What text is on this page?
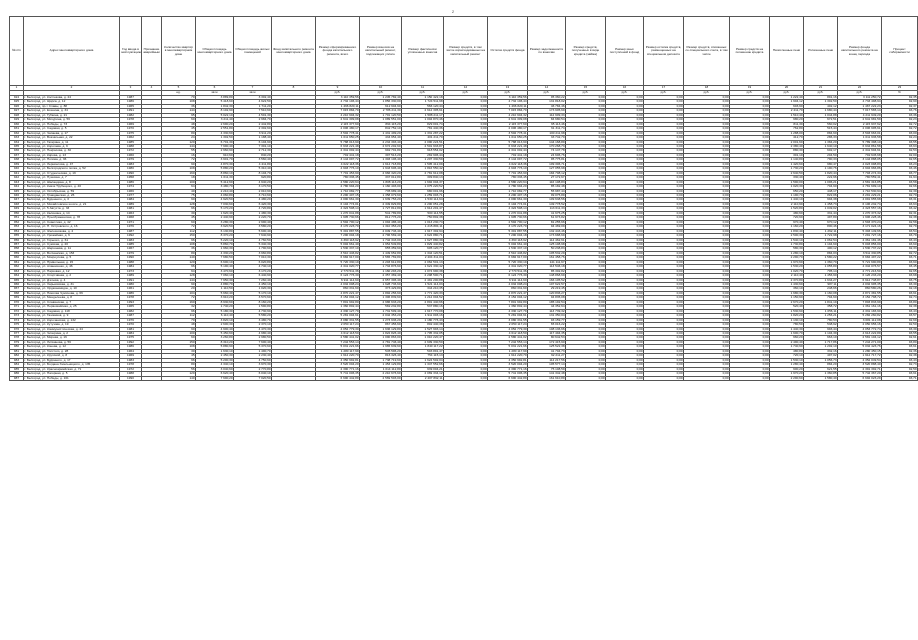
2
№ п/п	Адрес многоквартирного дома	Год ввода в эксплуатацию	Признание аварийным	Количество квартир в многоквартирном доме	Общая площадь многоквартирного дома	Общая площадь жилых помещений	Фонд капитального ремонта многоквартирного дома	Размер сформированного фонда капитального ремонта, всего	Размер взносов на капитальный ремонт, подлежащих уплате	Размер фактически уплаченных взносов	Размер средств, в том числе израсходованных на капитальный ремонт	Остаток средств фонда	Размер задолженности по взносам	Размер средств, полученных в виде кредита (займа)	Размер иных поступлений в фонд	Размер остатка средств, размещенных на специальном депозите	Размер средств, списанных со специального счета, в том числе	Размер средств на погашение кредита	Начисленные пени	Уплаченные пени	Размер фонда капитального ремонта на конец периода	Процент собираемости
1	2	3	4	5	6	7	8	9	10	11	12	13	14	15	16	17	18	19	20	21	22	23
				ед.	кв.м	кв.м		руб.	руб.	руб.	руб.	руб.	руб.	руб.	руб.	руб.	руб.	руб.	руб.	руб.	руб.	%
924	г. Белгород, ул. Костюкова, д. 24	1987		70	3 889,80	3 302,40		3 110 359,56	1 245 782,40	1 150 422,18	0,00	3 110 359,56	95 360,22	0,00	0,00	0,00	0,00	0,00	1 222,40	891,16	3 111 250,72	92,35
925	г. Белгород, ул. Щорса, д. 12	1986		108	5 418,60	4 922,50		4 732 196,44	1 856 330,00	1 724 511,98	0,00	4 732 196,44	131 818,02	0,00	0,00	0,00	0,00	0,00	1 904,12	1 302,50	4 733 498,94	92,90
926	г. Белгород, пр-т Славы, д. 88	1965		36	1 842,30	1 711,20		1 466 820,11	612 904,90	566 120,44	0,00	1 466 820,11	46 784,46	0,00	0,00	0,00	0,00	0,00	603,90	402,12	1 467 222,23	92,37
927	г. Белгород, ул. Есенина, д. 34	1991		144	8 102,90	7 510,60		7 015 884,70	2 786 211,30	2 612 305,61	0,00	7 015 884,70	173 905,69	0,00	0,00	0,00	0,00	0,00	2 411,70	1 680,44	7 017 565,14	93,76
928	г. Белгород, ул. Губкина, д. 21	1982		95	5 022,10	4 501,30		4 210 904,32	1 701 120,50	1 588 211,17	0,00	4 210 904,32	112 909,33	0,00	0,00	0,00	0,00	0,00	1 510,40	1 044,88	4 211 949,20	93,36
929	г. Белгород, ул. Мичурина, д. 56	1978		60	3 211,40	2 984,70		2 641 309,08	1 089 551,00	1 004 870,46	0,00	2 641 309,08	84 680,54	0,00	0,00	0,00	0,00	0,00	980,20	672,51	2 641 981,59	92,23
930	г. Белгород, ул. Победы, д. 73	1969		48	2 690,20	2 442,80		2 115 377,60	894 115,20	829 001,74	0,00	2 115 377,60	65 113,46	0,00	0,00	0,00	0,00	0,00	811,30	560,02	2 115 937,62	92,72
931	г. Белгород, ул. Садовая, д. 5	1970		45	2 551,80	2 302,60		2 006 480,17	842 752,10	781 440,36	0,00	2 006 480,17	61 311,74	0,00	0,00	0,00	0,00	0,00	762,80	515,44	2 006 995,61	92,72
932	г. Белгород, ул. Чапаева, д. 17	1975		80	4 330,60	3 911,20		3 502 778,41	1 431 499,20	1 331 287,22	0,00	3 502 778,41	100 211,98	0,00	0,00	0,00	0,00	0,00	1 288,00	884,60	3 503 663,01	93,00
933	г. Белгород, ул. Вокзальная, д. 22	1962		24	1 302,50	1 188,40		1 011 650,25	434 954,40	401 211,70	0,00	1 011 650,25	33 742,70	0,00	0,00	0,00	0,00	0,00	412,70	286,33	1 011 936,58	92,24
934	г. Белгород, ул. Гагарина, д. 11	1985		120	6 701,30	6 104,90		5 788 013,90	2 234 393,40	2 090 224,51	0,00	5 788 013,90	144 168,89	0,00	0,00	0,00	0,00	0,00	2 001,60	1 384,20	5 789 398,10	93,55
935	г. Белгород, ул. Королева, д. 9	1988		144	7 990,40	7 301,10		6 933 221,48	2 672 202,60	2 501 933,87	0,00	6 933 221,48	170 268,73	0,00	0,00	0,00	0,00	0,00	2 380,40	1 640,10	6 934 861,58	93,63
936	г. Белгород, ул. Некрасова, д. 30	1972		55	2 960,90	2 712,30		2 341 002,44	992 701,80	918 554,02	0,00	2 341 002,44	74 147,78	0,00	0,00	0,00	0,00	0,00	880,30	602,17	2 341 604,61	92,53
937	г. Белгород, ул. Кирова, д. 13	1960		16	910,60	840,20		702 441,18	307 513,20	282 906,44	0,00	702 441,18	24 606,76	0,00	0,00	0,00	0,00	0,00	301,10	204,50	702 645,68	92,00
938	г. Белгород, ул. Попова, д. 36	1979		72	3 901,70	3 560,40		3 144 097,72	1 303 106,40	1 207 330,59	0,00	3 144 097,72	95 775,81	0,00	0,00	0,00	0,00	0,00	1 140,80	790,33	3 144 888,05	92,65
939	г. Белгород, ул. Лермонтова, д. 47	1983		90	4 870,30	4 411,80		4 022 118,36	1 614 718,80	1 505 412,09	0,00	4 022 118,36	109 306,71	0,00	0,00	0,00	0,00	0,00	1 420,60	980,47	4 023 098,83	93,23
940	г. Белгород, ул. Белгородского полка, д. 52	1980		108	5 880,20	5 310,40		4 903 776,10	1 943 606,40	1 816 550,42	0,00	4 903 776,10	127 055,98	0,00	0,00	0,00	0,00	0,00	1 730,20	1 190,76	4 904 966,86	93,46
941	г. Белгород, ул. Студенческая, д. 19	1990		160	8 860,10	8 104,70		7 701 453,90	2 966 320,20	2 781 612,08	0,00	7 701 453,90	184 708,12	0,00	0,00	0,00	0,00	0,00	2 640,50	1 820,44	7 703 274,34	93,77
942	г. Белгород, ул. Пушкина, д. 7	1958		18	1 011,30	920,80		780 336,45	337 012,80	309 840,13	0,00	780 336,45	27 172,67	0,00	0,00	0,00	0,00	0,00	330,40	222,96	780 559,41	91,94
943	г. Белгород, ул. Шаландина, д. 8	1986		100	5 412,60	4 940,20		4 580 220,64	1 808 113,20	1 692 004,37	0,00	4 580 220,64	116 108,83	0,00	0,00	0,00	0,00	0,00	1 590,00	1 096,21	4 581 316,85	93,58
944	г. Белгород, ул. Князя Трубецкого, д. 40	1974		64	3 480,70	3 170,50		2 780 994,20	1 160 403,00	1 075 220,52	0,00	2 780 994,20	85 182,48	0,00	0,00	0,00	0,00	0,00	1 020,30	704,90	2 781 699,10	92,66
945	г. Белгород, ул. Октябрьская, д. 59	1966		40	2 210,40	2 010,90		1 710 082,77	735 989,40	680 001,96	0,00	1 710 082,77	55 987,44	0,00	0,00	0,00	0,00	0,00	650,20	448,17	1 710 530,94	92,39
946	г. Белгород, ул. Гражданская, д. 26	1977		75	4 060,80	3 710,60		3 290 407,15	1 358 079,60	1 259 003,71	0,00	3 290 407,15	99 075,89	0,00	0,00	0,00	0,00	0,00	1 190,70	822,06	3 291 229,21	92,70
947	г. Белгород, ул. Буденного, д. 3	1984		90	4 920,50	4 480,20		4 090 661,30	1 639 753,20	1 530 114,64	0,00	4 090 661,30	109 638,56	0,00	0,00	0,00	0,00	0,00	1 440,10	994,38	4 091 655,68	93,31
948	г. Белгород, ул. Михайловское шоссе, д. 21	1989		128	7 030,60	6 420,30		6 104 774,01	2 349 829,80	2 200 051,28	0,00	6 104 774,01	149 778,52	0,00	0,00	0,00	0,00	0,00	2 110,90	1 458,73	6 106 232,74	93,63
949	г. Белгород, ул. 5 Августа, д. 33	1981		96	5 170,20	4 720,80		4 322 508,14	1 727 812,80	1 614 201,47	0,00	4 322 508,14	113 611,33	0,00	0,00	0,00	0,00	0,00	1 520,80	1 049,02	4 323 557,16	93,42
950	г. Белгород, ул. Калинина, д. 14	1963		30	1 620,40	1 480,30		1 270 041,88	541 789,80	500 114,55	0,00	1 270 041,88	41 675,25	0,00	0,00	0,00	0,00	0,00	480,60	331,44	1 270 373,32	92,31
951	г. Белгород, ул. Преображенская, д. 78	1968		45	2 440,90	2 220,70		1 905 730,66	812 776,20	750 802,38	0,00	1 905 730,66	61 973,82	0,00	0,00	0,00	0,00	0,00	720,90	497,80	1 906 228,46	92,38
952	г. Белгород, ул. Советская, д. 42	1971		60	3 280,30	2 990,40		2 592 700,12	1 094 486,40	1 013 230,74	0,00	2 592 700,12	81 255,66	0,00	0,00	0,00	0,00	0,00	970,40	670,12	2 593 370,24	92,58
953	г. Белгород, ул. Н. Островского, д. 16	1976		72	3 920,50	3 580,20		3 170 223,70	1 310 353,20	1 215 884,11	0,00	3 170 223,70	94 469,09	0,00	0,00	0,00	0,00	0,00	1 160,20	800,46	3 171 024,16	92,79
954	г. Белгород, ул. Железнякова, д. 4	1987		112	6 130,80	5 600,40		5 301 887,55	2 049 746,40	1 917 302,94	0,00	5 301 887,55	132 443,46	0,00	0,00	0,00	0,00	0,00	1 830,40	1 262,11	5 303 149,66	93,54
955	г. Белгород, ул. Урожайная, д. 6	1992		150	8 370,20	7 640,90		7 290 004,18	2 796 569,40	2 622 880,71	0,00	7 290 004,18	173 688,69	0,00	0,00	0,00	0,00	0,00	2 500,30	1 722,98	7 291 727,16	93,79
956	г. Белгород, ул. Горького, д. 61	1983		96	5 220,10	4 760,50		4 360 118,92	1 742 343,00	1 627 880,39	0,00	4 360 118,92	114 462,61	0,00	0,00	0,00	0,00	0,00	1 540,10	1 062,54	4 361 181,46	93,43
957	г. Белгород, ул. Сумская, д. 20	1985		108	5 860,70	5 340,30		5 002 661,40	1 954 549,80	1 829 440,82	0,00	5 002 661,40	125 108,98	0,00	0,00	0,00	0,00	0,00	1 730,80	1 194,60	5 003 856,00	93,60
958	г. Белгород, ул. Шершнева, д. 11	1967		36	1 960,30	1 790,60		1 530 337,10	655 359,60	605 120,77	0,00	1 530 337,10	50 238,83	0,00	0,00	0,00	0,00	0,00	580,30	400,12	1 530 737,22	92,33
959	г. Белгород, ул. Волчанская, д. 153	1979		80	4 330,20	3 960,80		3 510 446,82	1 449 652,80	1 344 120,51	0,00	3 510 446,82	105 532,29	0,00	0,00	0,00	0,00	0,00	1 280,10	884,03	3 511 330,85	92,72
960	г. Белгород, ул. Мокроусова, д. 5	1990		140	7 680,50	7 010,30		6 682 917,00	2 565 769,80	2 404 311,04	0,00	6 682 917,00	161 458,76	0,00	0,00	0,00	0,00	0,00	2 290,70	1 580,22	6 684 497,22	93,71
961	г. Белгород, ул. Привольная, д. 15	1988		120	6 600,10	6 020,80		5 720 330,19	2 203 612,80	2 062 501,13	0,00	5 720 330,19	141 111,67	0,00	0,00	0,00	0,00	0,00	1 970,60	1 360,70	5 721 690,89	93,60
962	г. Белгород, ул. Апанасенко, д. 46	1984		96	5 190,40	4 740,10		4 341 020,77	1 734 876,60	1 621 330,42	0,00	4 341 020,77	113 546,18	0,00	0,00	0,00	0,00	0,00	1 530,20	1 055,80	4 342 076,57	93,45
963	г. Белгород, ул. Парковая, д. 12	1973		64	3 470,60	3 170,20		2 770 511,36	1 160 293,20	1 074 990,38	0,00	2 770 511,36	85 302,82	0,00	0,00	0,00	0,00	0,00	1 020,70	705,14	2 771 216,50	92,65
964	г. Белгород, ул. Спортивная, д. 2	1989		128	7 060,10	6 440,90		6 124 776,30	2 357 369,40	2 208 500,71	0,00	6 124 776,30	148 868,69	0,00	0,00	0,00	0,00	0,00	2 110,40	1 456,90	6 126 233,20	93,68
965	г. Белгород, ул. Дзгоева, д. 4	1991		144	7 950,30	7 260,40		6 911 114,60	2 657 306,40	2 491 200,88	0,00	6 911 114,60	166 105,52	0,00	0,00	0,00	0,00	0,00	2 370,80	1 634,27	6 912 748,87	93,75
966	г. Белгород, ул. Харьковская, д. 31	1980		90	4 880,70	4 450,10		4 032 008,24	1 628 736,60	1 521 114,03	0,00	4 032 008,24	107 622,57	0,00	0,00	0,00	0,00	0,00	1 430,60	987,11	4 032 995,35	93,39
967	г. Белгород, ул. Орджоникидзе, д. 10	1961		20	1 110,50	1 020,30		860 331,60	373 429,80	344 210,35	0,00	860 331,60	29 219,45	0,00	0,00	0,00	0,00	0,00	360,10	248,66	860 580,26	92,18
968	г. Белгород, ул. Николая Чумичова, д. 66	1986		104	5 660,40	5 170,10		4 870 221,47	1 892 256,60	1 771 420,33	0,00	4 870 221,47	120 836,27	0,00	0,00	0,00	0,00	0,00	1 680,30	1 160,08	4 871 381,55	93,61
969	г. Белгород, ул. Менделеева, д. 8	1978		72	3 910,20	3 570,60		3 152 004,12	1 306 839,60	1 212 004,52	0,00	3 152 004,12	94 835,08	0,00	0,00	0,00	0,00	0,00	1 150,90	794,60	3 152 798,72	92,74
970	г. Белгород, ул. Славянская, д. 7	1993		160	8 930,60	8 160,20		7 801 992,80	2 986 633,20	2 801 440,66	0,00	7 801 992,80	185 192,54	0,00	0,00	0,00	0,00	0,00	2 670,20	1 841,19	7 803 833,99	93,80
971	г. Белгород, ул. Первомайская, д. 25	1965		32	1 740,20	1 590,80		1 360 802,44	582 232,80	537 880,16	0,00	1 360 802,44	44 352,64	0,00	0,00	0,00	0,00	0,00	520,40	358,72	1 361 161,16	92,38
972	г. Белгород, ул. Садовая, д. 118	1982		96	5 180,30	4 730,90		4 330 127,79	1 731 509,40	1 617 770,08	0,00	4 330 127,79	113 739,32	0,00	0,00	0,00	0,00	0,00	1 530,60	1 056,11	4 331 183,90	93,43
973	г. Белгород, ул. Газовиков, д. 9	1987		112	6 110,40	5 580,20		5 281 004,61	2 042 353,20	1 911 003,16	0,00	5 281 004,61	131 350,04	0,00	0,00	0,00	0,00	0,00	1 820,20	1 256,21	5 282 260,82	93,57
974	г. Белгород, ул. Корочанская, д. 132	1976		70	3 820,10	3 480,70		3 080 331,55	1 273 936,20	1 180 776,43	0,00	3 080 331,55	93 159,77	0,00	0,00	0,00	0,00	0,00	1 130,10	780,53	3 081 112,08	92,69
975	г. Белгород, ул. Кутузова, д. 19	1970		48	2 600,30	2 370,10		2 050 117,24	867 456,60	802 440,38	0,00	2 050 117,24	65 016,22	0,00	0,00	0,00	0,00	0,00	780,50	538,92	2 050 656,16	92,50
976	г. Белгород, ул. Коммунистическая, д. 44	1981		90	4 900,40	4 470,30		4 052 779,30	1 636 129,80	1 527 993,14	0,00	4 052 779,30	108 136,66	0,00	0,00	0,00	0,00	0,00	1 440,30	993,44	4 053 772,74	93,39
977	г. Белгород, ул. Чичерина, д. 2	1984		100	5 450,60	4 980,40		4 612 118,50	1 822 826,40	1 705 332,05	0,00	4 612 118,50	117 494,35	0,00	0,00	0,00	0,00	0,00	1 600,70	1 104,39	4 613 222,89	93,55
978	г. Белгород, ул. Мирная, д. 16	1975		60	3 260,80	2 980,50		2 580 441,02	1 090 863,00	1 010 220,47	0,00	2 580 441,02	80 642,53	0,00	0,00	0,00	0,00	0,00	960,20	663,10	2 581 104,12	92,61
979	г. Белгород, ул. Литвинова, д. 56	1992		150	8 310,20	7 600,40		7 242 553,14	2 781 746,40	2 609 330,50	0,00	7 242 553,14	172 415,90	0,00	0,00	0,00	0,00	0,00	2 490,40	1 717,86	7 244 271,00	93,80
980	г. Белгород, ул. Конева, д. 12	1986		108	5 880,90	5 370,60		5 031 221,66	1 965 639,60	1 840 117,22	0,00	5 031 221,66	125 522,38	0,00	0,00	0,00	0,00	0,00	1 740,90	1 202,10	5 032 423,76	93,61
981	г. Белгород, ул. Толстого, д. 28	1964		30	1 630,10	1 490,70		1 280 117,99	545 596,20	503 891,47	0,00	1 280 117,99	41 704,73	0,00	0,00	0,00	0,00	0,00	480,80	332,16	1 280 450,15	92,36
982	г. Белгород, ул. Крупской, д. 8	1969		45	2 450,30	2 230,40		1 912 220,70	816 326,40	754 115,13	0,00	1 912 220,70	62 211,27	0,00	0,00	0,00	0,00	0,00	720,10	497,02	1 912 717,72	92,38
983	г. Белгород, ул. Будённого, д. 17	1983		96	5 200,30	4 750,60		4 350 992,81	1 738 719,60	1 624 502,04	0,00	4 350 992,81	114 217,56	0,00	0,00	0,00	0,00	0,00	1 530,10	1 056,73	4 352 049,54	93,43
984	г. Белгород, ул. Богдана Хмельницкого, д. 135	1978		80	4 340,10	3 970,30		3 520 004,20	1 453 129,80	1 347 552,66	0,00	3 520 004,20	105 577,14	0,00	0,00	0,00	0,00	0,00	1 280,40	884,20	3 520 888,40	92,73
985	г. Белгород, ул. Красноармейская, д. 71	1972		56	3 040,60	2 770,80		2 390 771,16	1 014 112,80	939 004,21	0,00	2 390 771,16	75 108,59	0,00	0,00	0,00	0,00	0,00	900,20	621,55	2 391 392,71	92,59
986	г. Белгород, ул. Нагорная, д. 5	1988		120	6 620,40	6 040,10		5 741 006,35	2 210 676,60	2 069 334,12	0,00	5 741 006,35	141 342,48	0,00	0,00	0,00	0,00	0,00	1 970,20	1 360,85	5 742 367,20	93,61
987	г. Белгород, ул. Победы, д. 161	1990		140	7 690,20	7 020,50		6 690 442,89	2 569 503,00	2 407 892,11	0,00	6 690 442,89	161 610,89	0,00	0,00	0,00	0,00	0,00	2 290,60	1 580,40	6 692 023,29	93,71
